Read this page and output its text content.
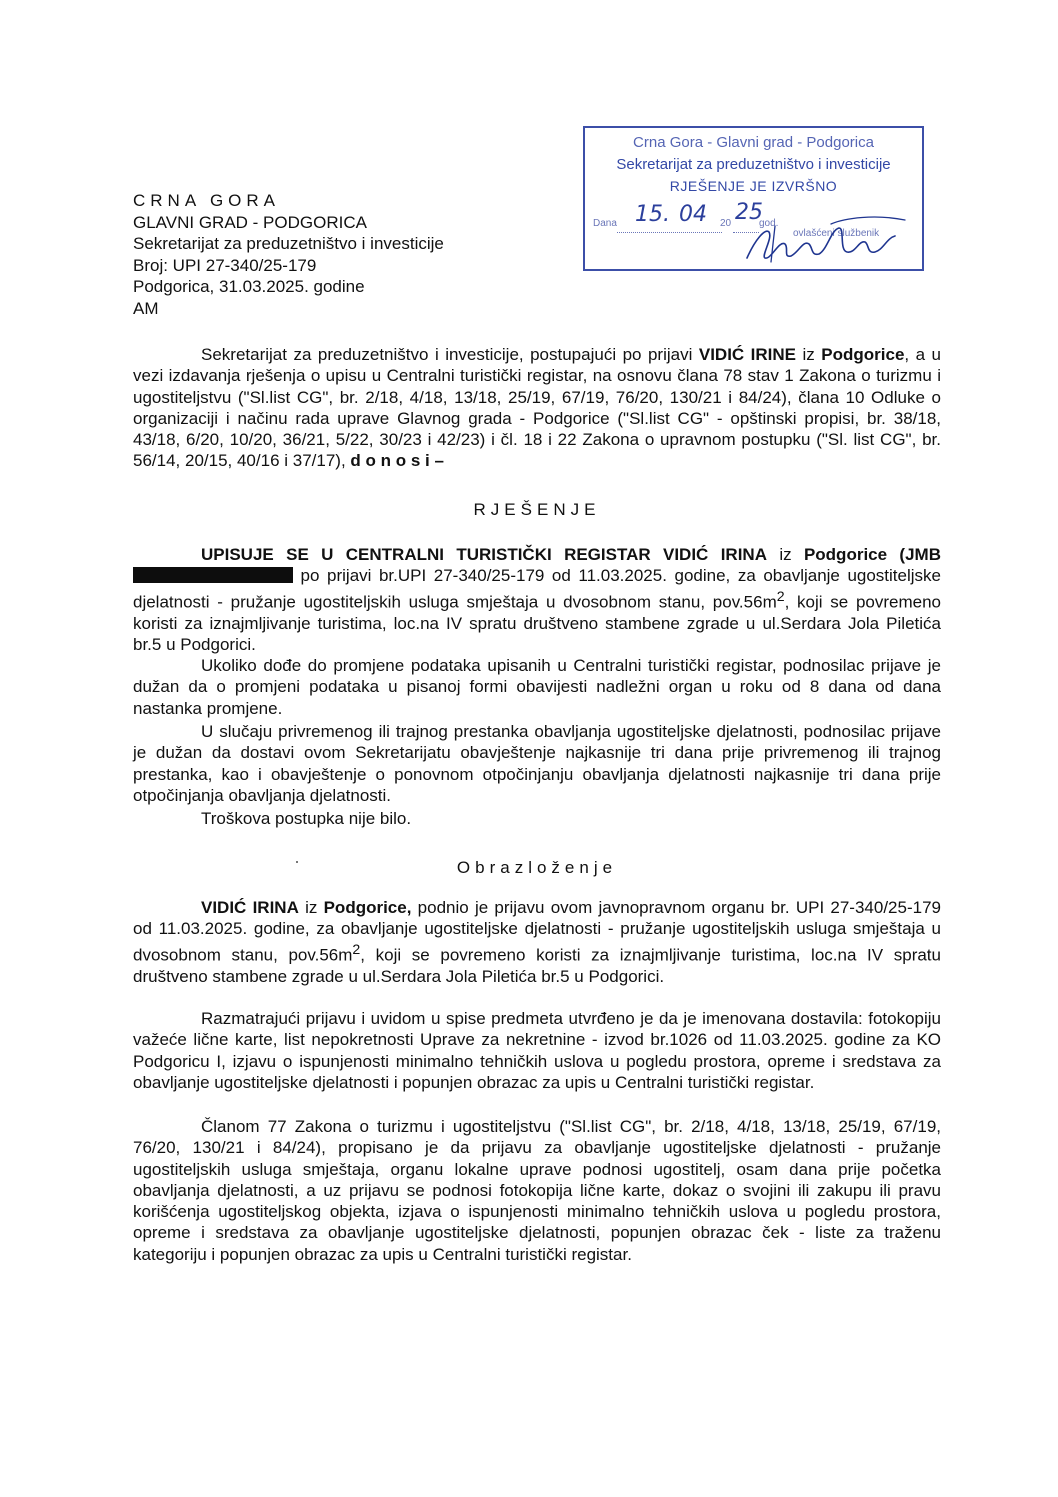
CRNA GORA
GLAVNI GRAD - PODGORICA
Sekretarijat za preduzetništvo i investicije
Broj: UPI 27-340/25-179
Podgorica, 31.03.2025. godine
AM
Crna Gora - Glavni grad - Podgorica
Sekretarijat za preduzetništvo i investicije
RJEŠENJE JE IZVRŠNO
Dana 15. 04 20 25
god.
ovlašćeni službenik
Sekretarijat za preduzetništvo i investicije, postupajući po prijavi VIDIĆ IRINE iz Podgorice, a u vezi izdavanja rješenja o upisu u Centralni turistički registar, na osnovu člana 78 stav 1 Zakona o turizmu i ugostiteljstvu ("Sl.list CG", br. 2/18, 4/18, 13/18, 25/19, 67/19, 76/20, 130/21 i 84/24), člana 10 Odluke o organizaciji i načinu rada uprave Glavnog grada - Podgorice ("Sl.list CG" - opštinski propisi, br. 38/18, 43/18, 6/20, 10/20, 36/21, 5/22, 30/23 i 42/23) i čl. 18 i 22 Zakona o upravnom postupku ("Sl. list CG", br. 56/14, 20/15, 40/16 i 37/17), d o n o s i –
RJEŠENJE
UPISUJE SE U CENTRALNI TURISTIČKI REGISTAR VIDIĆ IRINA iz Podgorice (JMB  po prijavi br.UPI 27-340/25-179 od 11.03.2025. godine, za obavljanje ugostiteljske djelatnosti - pružanje ugostiteljskih usluga smještaja u dvosobnom stanu, $pov.56m^2$, koji se povremeno koristi za iznajmljivanje turistima, loc.na IV spratu društveno stambene zgrade u ul.Serdara Jola Piletića br.5 u Podgorici.
Ukoliko dođe do promjene podataka upisanih u Centralni turistički registar, podnosilac prijave je dužan da o promjeni podataka u pisanoj formi obavijesti nadležni organ u roku od 8 dana od dana nastanka promjene.
U slučaju privremenog ili trajnog prestanka obavljanja ugostiteljske djelatnosti, podnosilac prijave je dužan da dostavi ovom Sekretarijatu obavještenje najkasnije tri dana prije privremenog ili trajnog prestanka, kao i obavještenje o ponovnom otpočinjanju obavljanja djelatnosti najkasnije tri dana prije otpočinjanja obavljanja djelatnosti.
Troškova postupka nije bilo.
Obrazloženje
VIDIĆ IRINA iz Podgorice, podnio je prijavu ovom javnopravnom organu br. UPI 27-340/25-179 od 11.03.2025. godine, za obavljanje ugostiteljske djelatnosti - pružanje ugostiteljskih usluga smještaja u dvosobnom stanu, $pov.56m^2$, koji se povremeno koristi za iznajmljivanje turistima, loc.na IV spratu društveno stambene zgrade u ul.Serdara Jola Piletića br.5 u Podgorici.
Razmatrajući prijavu i uvidom u spise predmeta utvrđeno je da je imenovana dostavila: fotokopiju važeće lične karte, list nepokretnosti Uprave za nekretnine - izvod br.1026 od 11.03.2025. godine za KO Podgoricu I, izjavu o ispunjenosti minimalno tehničkih uslova u pogledu prostora, opreme i sredstava za obavljanje ugostiteljske djelatnosti i popunjen obrazac za upis u Centralni turistički registar.
Članom 77 Zakona o turizmu i ugostiteljstvu ("Sl.list CG", br. 2/18, 4/18, 13/18, 25/19, 67/19, 76/20, 130/21 i 84/24), propisano je da prijavu za obavljanje ugostiteljske djelatnosti - pružanje ugostiteljskih usluga smještaja, organu lokalne uprave podnosi ugostitelj, osam dana prije početka obavljanja djelatnosti, a uz prijavu se podnosi fotokopija lične karte, dokaz o svojini ili zakupu ili pravu korišćenja ugostiteljskog objekta, izjava o ispunjenosti minimalno tehničkih uslova u pogledu prostora, opreme i sredstava za obavljanje ugostiteljske djelatnosti, popunjen obrazac ček - liste za traženu kategoriju i popunjen obrazac za upis u Centralni turistički registar.
